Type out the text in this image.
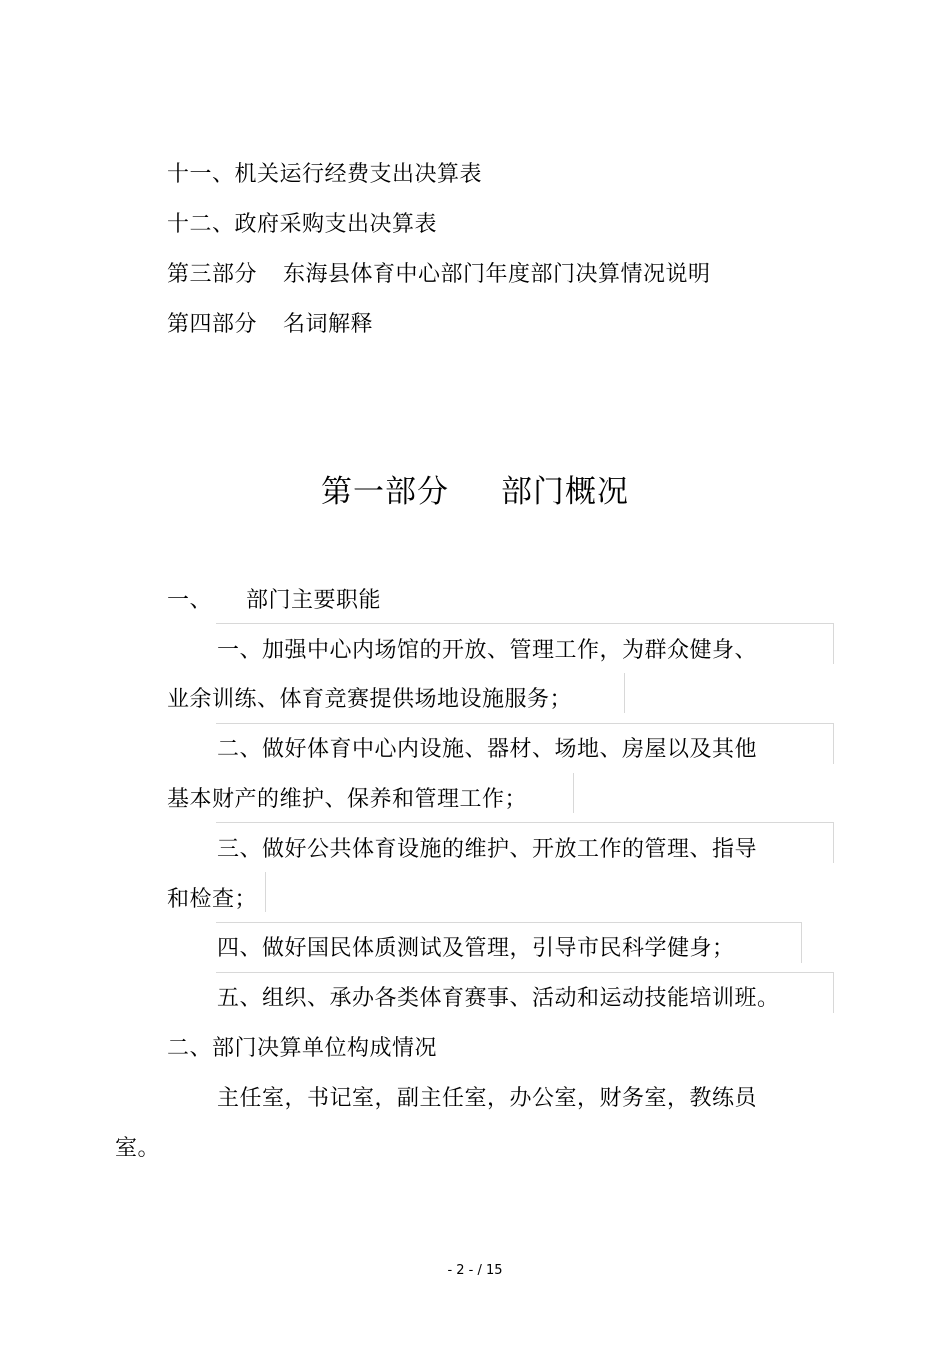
十一、机关运行经费支出决算表
十二、政府采购支出决算表
第三部分 东海县体育中心部门年度部门决算情况说明
第四部分 名词解释
第一部分 部门概况
一、 部门主要职能
一、加强中心内场馆的开放、管理工作，为群众健身、
业余训练、体育竞赛提供场地设施服务；
二、做好体育中心内设施、器材、场地、房屋以及其他
基本财产的维护、保养和管理工作；
三、做好公共体育设施的维护、开放工作的管理、指导
和检查；
四、做好国民体质测试及管理，引导市民科学健身；
五、组织、承办各类体育赛事、活动和运动技能培训班。
二、部门决算单位构成情况
主任室，书记室，副主任室，办公室，财务室，教练员
室。
- 2 - / 15
